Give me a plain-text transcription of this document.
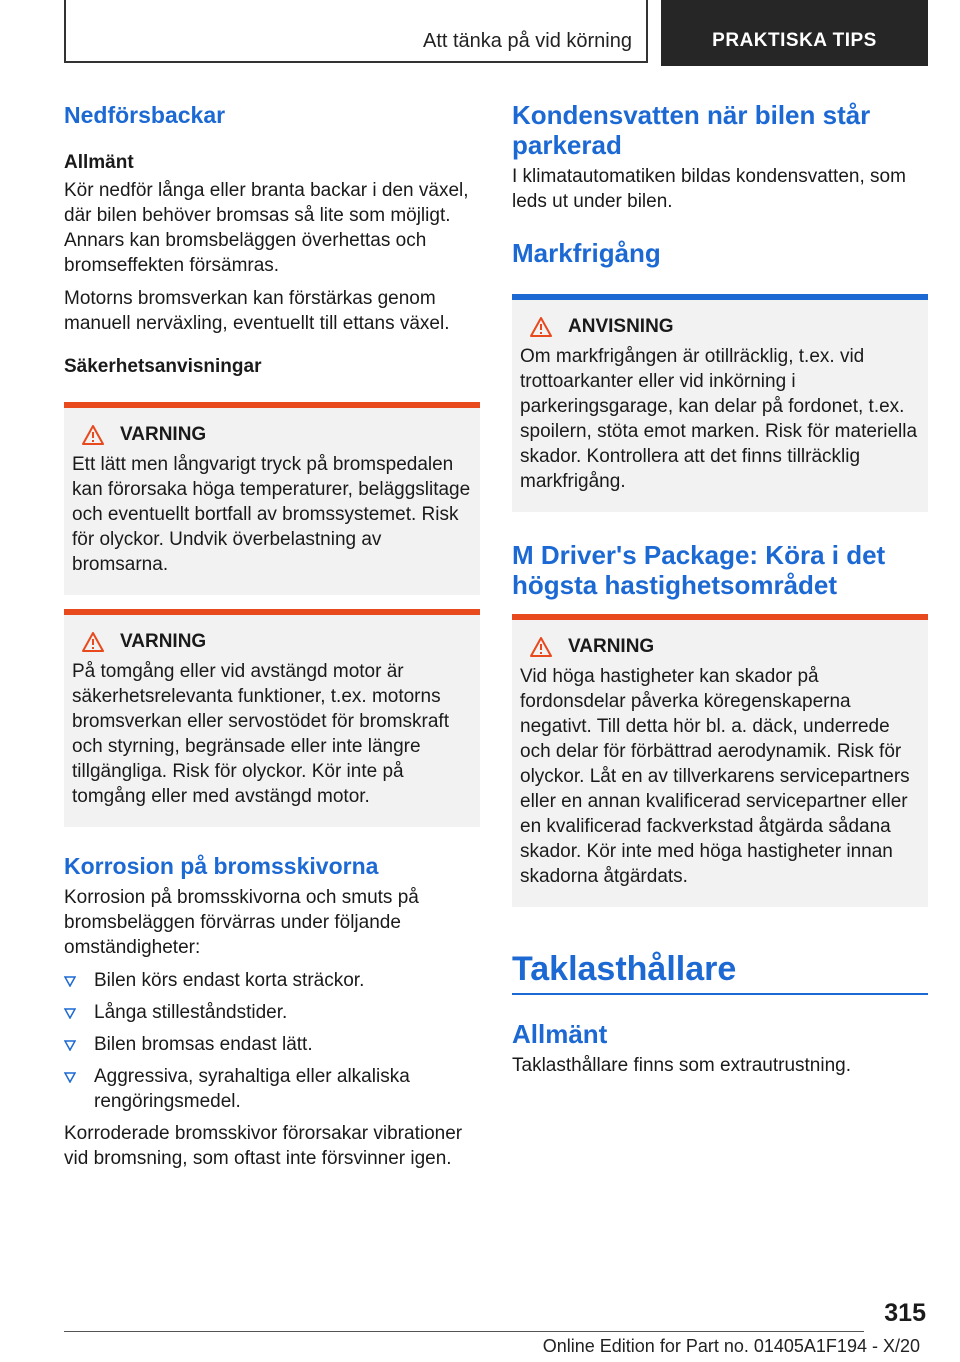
Att tänka på vid körning	PRAKTISKA TIPS
Nedförsbackar
Allmänt

Kör nedför långa eller branta backar i den växel, där bilen behöver bromsas så lite som möjligt. Annars kan bromsbeläggen överhettas och bromseffekten försämras.

Motorns bromsverkan kan förstärkas genom manuell nerväxling, eventuellt till ettans växel.

Säkerhetsanvisningar
VARNING

Ett lätt men långvarigt tryck på bromspedalen kan förorsaka höga temperaturer, beläggslitage och eventuellt bortfall av bromssystemet. Risk för olyckor. Undvik överbelastning av bromsarna.

VARNING

På tomgång eller vid avstängd motor är säkerhetsrelevanta funktioner, t.ex. motorns bromsverkan eller servostödet för bromskraft och styrning, begränsade eller inte längre tillgängliga. Risk för olyckor. Kör inte på tomgång eller med avstängd motor.

Korrosion på bromsskivorna

Korrosion på bromsskivorna och smuts på bromsbeläggen förvärras under följande omständigheter:

Bilen körs endast korta sträckor.
Långa stilleståndstider.
Bilen bromsas endast lätt.
Aggressiva, syrahaltiga eller alkaliska rengöringsmedel.

Korroderade bromsskivor förorsakar vibrationer vid bromsning, som oftast inte försvinner igen.

Kondensvatten när bilen står parkerad

I klimatautomatiken bildas kondensvatten, som leds ut under bilen.

Markfrigång
ANVISNING

Om markfrigången är otillräcklig, t.ex. vid trottoarkanter eller vid inkörning i parkeringsgarage, kan delar på fordonet, t.ex. spoilern, stöta emot marken. Risk för materiella skador. Kontrollera att det finns tillräcklig markfrigång.

M Driver's Package: Köra i det högsta hastighetsområdet
VARNING

Vid höga hastigheter kan skador på fordonsdelar påverka köregenskaperna negativt. Till detta hör bl. a. däck, underrede och delar för förbättrad aerodynamik. Risk för olyckor. Låt en av tillverkarens servicepartners eller en annan kvalificerad servicepartner eller en kvalificerad fackverkstad åtgärda sådana skador. Kör inte med höga hastigheter innan skadorna åtgärdats.

Taklasthållare
Allmänt

Taklasthållare finns som extrautrustning.

315
Online Edition for Part no. 01405A1F194 - X/20
